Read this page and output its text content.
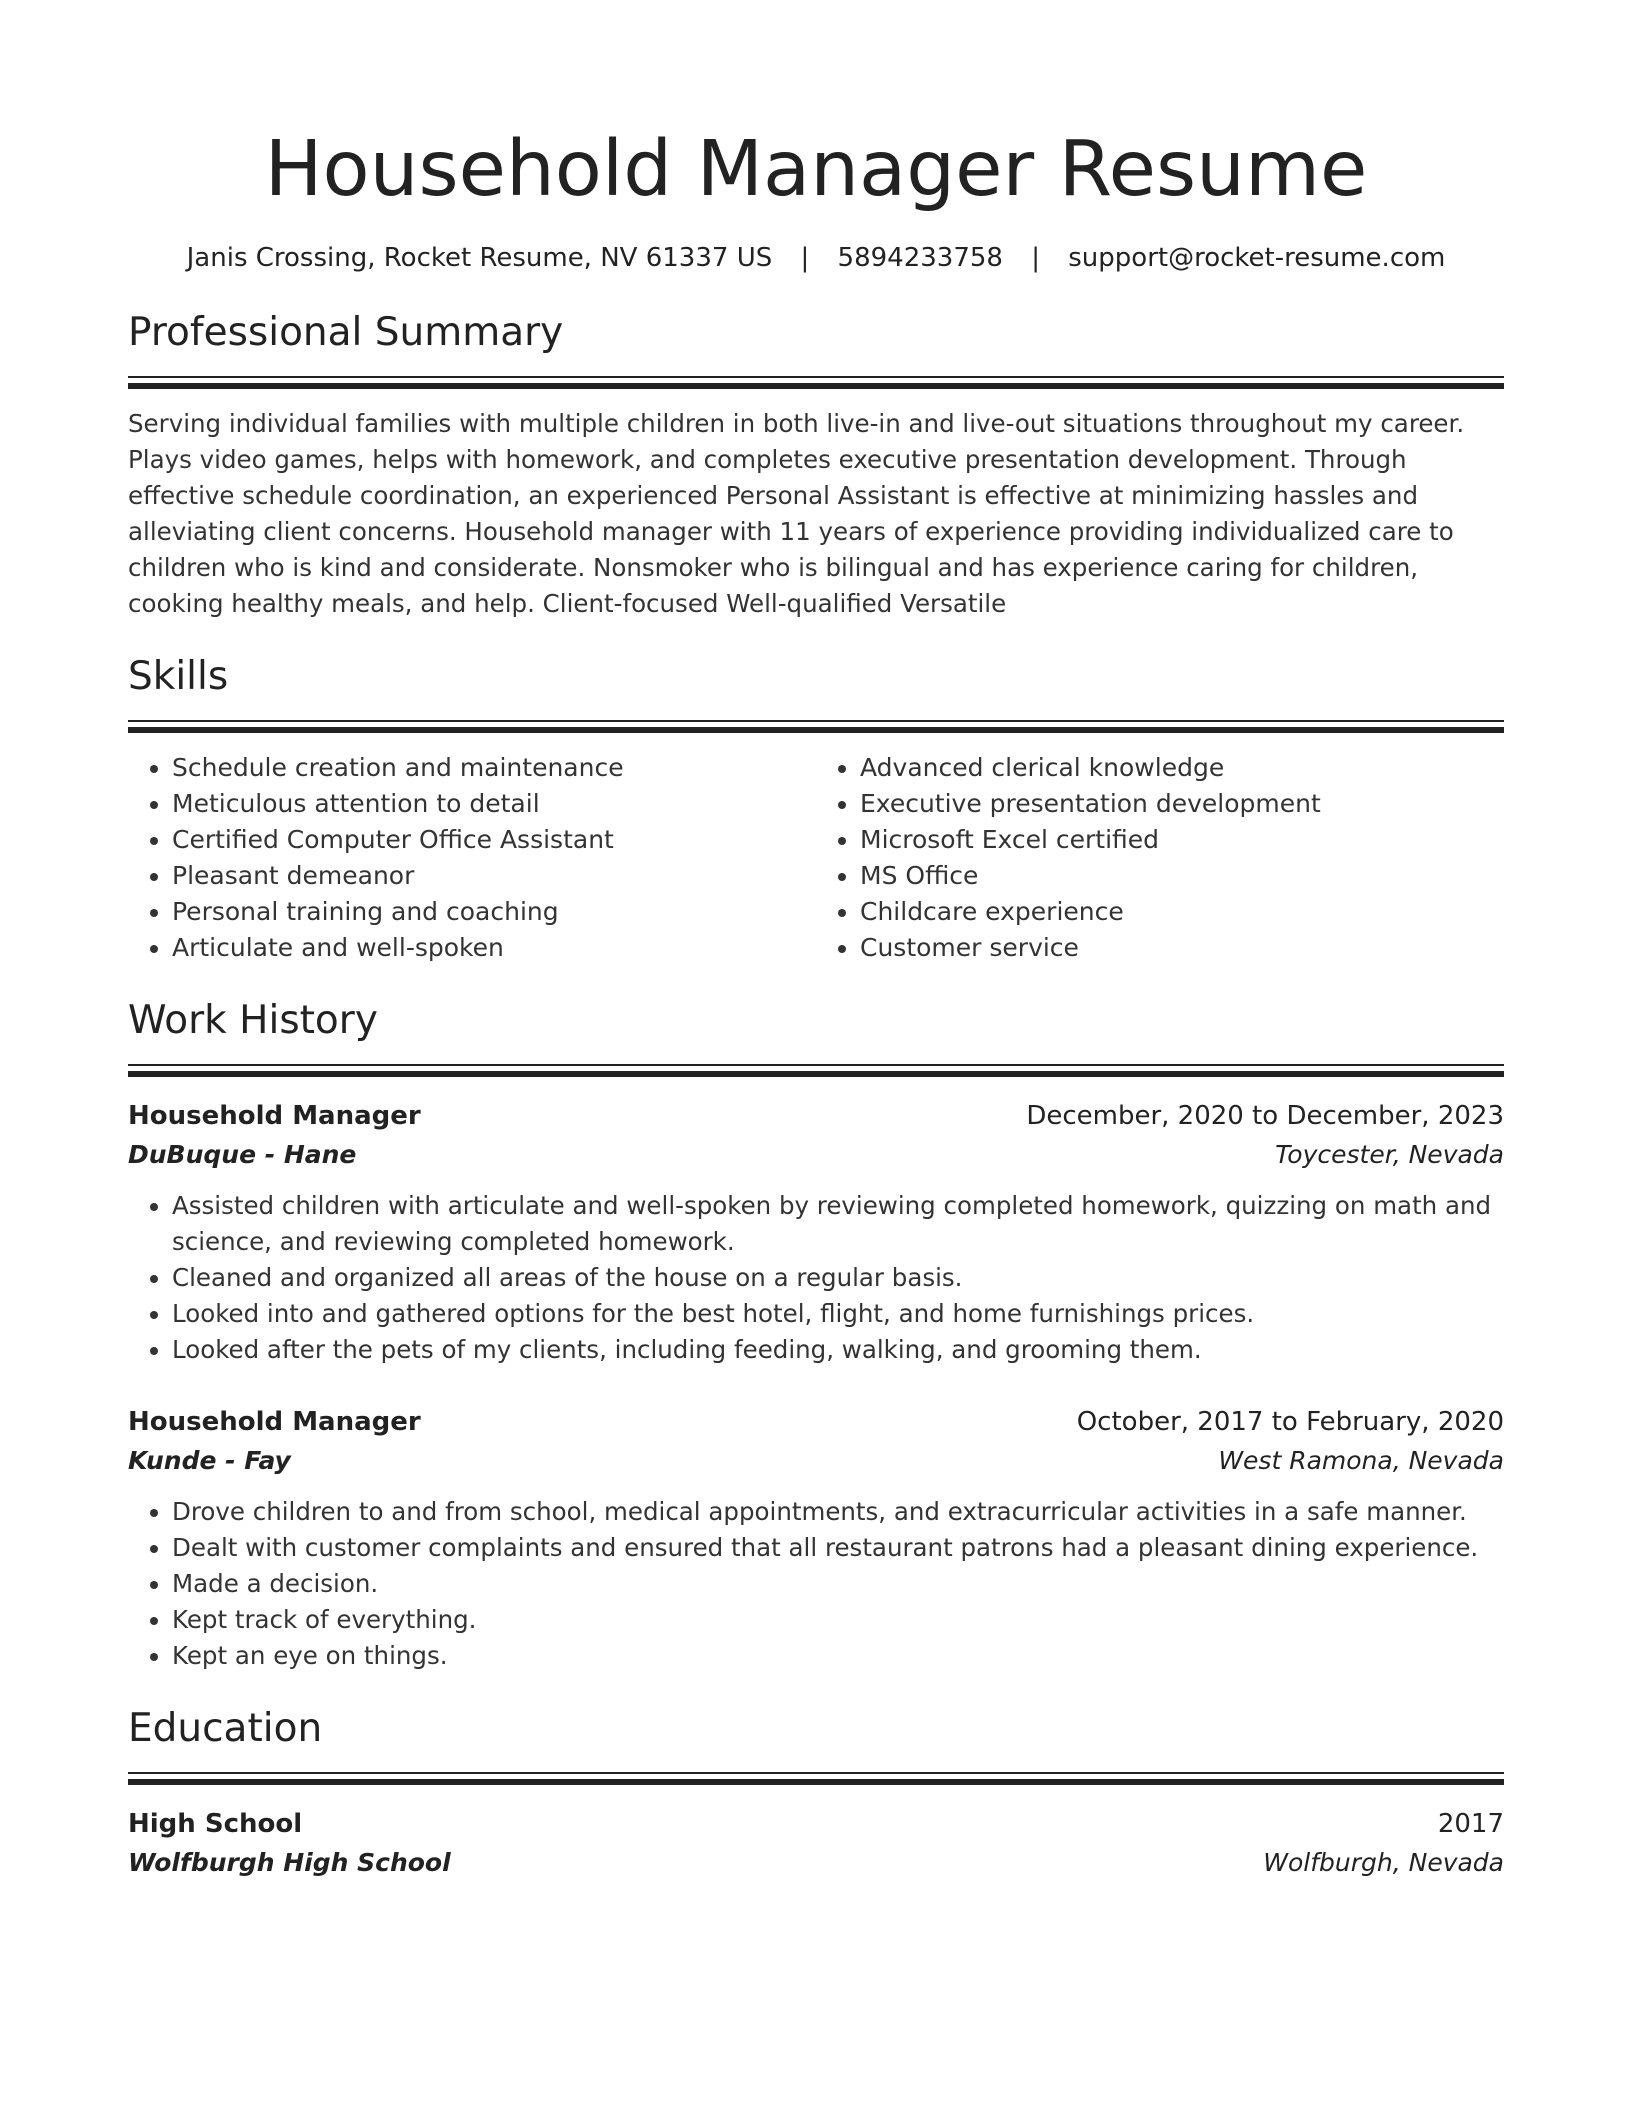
Household Manager Resume
Janis Crossing, Rocket Resume, NV 61337 US | 5894233758 | support@rocket-resume.com
Professional Summary
Serving individual families with multiple children in both live-in and live-out situations throughout my career. Plays video games, helps with homework, and completes executive presentation development. Through effective schedule coordination, an experienced Personal Assistant is effective at minimizing hassles and alleviating client concerns. Household manager with 11 years of experience providing individualized care to children who is kind and considerate. Nonsmoker who is bilingual and has experience caring for children, cooking healthy meals, and help. Client-focused Well-qualified Versatile
Skills
• Schedule creation and maintenance
• Meticulous attention to detail
• Certified Computer Office Assistant
• Pleasant demeanor
• Personal training and coaching
• Articulate and well-spoken
• Advanced clerical knowledge
• Executive presentation development
• Microsoft Excel certified
• MS Office
• Childcare experience
• Customer service
Work History
Household Manager	December, 2020 to December, 2023
DuBuque - Hane	Toycester, Nevada
• Assisted children with articulate and well-spoken by reviewing completed homework, quizzing on math and science, and reviewing completed homework.
• Cleaned and organized all areas of the house on a regular basis.
• Looked into and gathered options for the best hotel, flight, and home furnishings prices.
• Looked after the pets of my clients, including feeding, walking, and grooming them.
Household Manager	October, 2017 to February, 2020
Kunde - Fay	West Ramona, Nevada
• Drove children to and from school, medical appointments, and extracurricular activities in a safe manner.
• Dealt with customer complaints and ensured that all restaurant patrons had a pleasant dining experience.
• Made a decision.
• Kept track of everything.
• Kept an eye on things.
Education
High School	2017
Wolfburgh High School	Wolfburgh, Nevada
